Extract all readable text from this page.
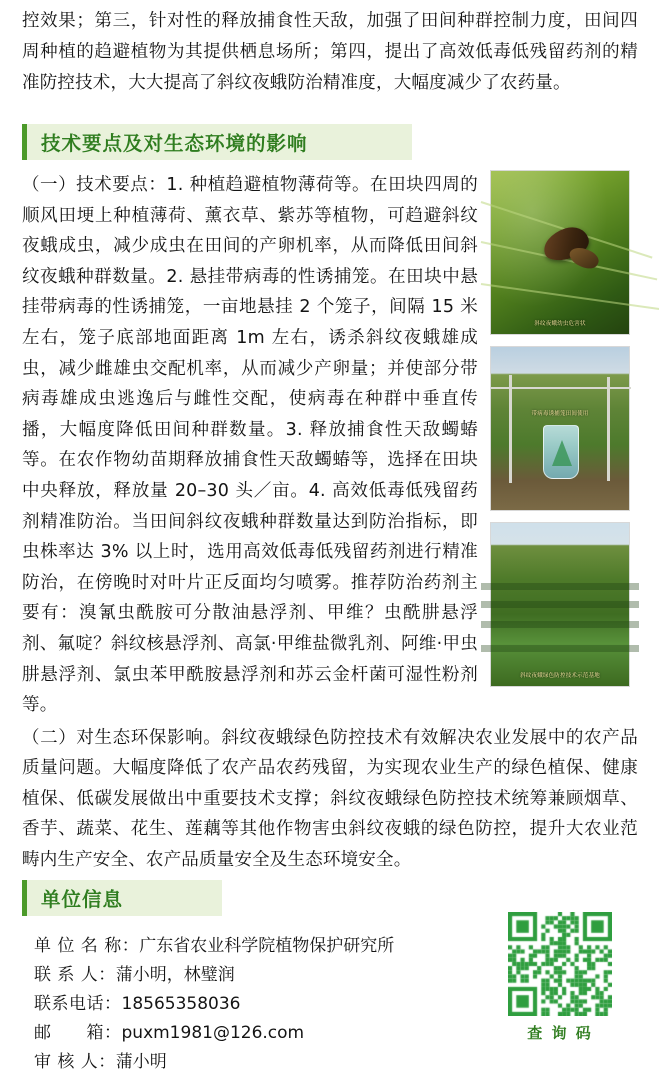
控效果；第三，针对性的释放捕食性天敌，加强了田间种群控制力度，田间四周种植的趋避植物为其提供栖息场所；第四，提出了高效低毒低残留药剂的精准防控技术，大大提高了斜纹夜蛾防治精准度，大幅度减少了农药量。
技术要点及对生态环境的影响
斜纹夜蛾幼虫危害状
带病毒诱捕笼田间使用
斜纹夜蛾绿色防控技术示范基地

（一）技术要点：1. 种植趋避植物薄荷等。在田块四周的顺风田埂上种植薄荷、薰衣草、紫苏等植物，可趋避斜纹夜蛾成虫，减少成虫在田间的产卵机率，从而降低田间斜纹夜蛾种群数量。2. 悬挂带病毒的性诱捕笼。在田块中悬挂带病毒的性诱捕笼，一亩地悬挂 2 个笼子，间隔 15 米左右，笼子底部地面距离 1m 左右，诱杀斜纹夜蛾雄成虫，减少雌雄虫交配机率，从而减少产卵量；并使部分带病毒雄成虫逃逸后与雌性交配，使病毒在种群中垂直传播，大幅度降低田间种群数量。3. 释放捕食性天敌蠋蝽等。在农作物幼苗期释放捕食性天敌蠋蝽等，选择在田块中央释放，释放量 20–30 头／亩。4. 高效低毒低残留药剂精准防治。当田间斜纹夜蛾种群数量达到防治指标，即虫株率达 3% 以上时，选用高效低毒低残留药剂进行精准防治，在傍晚时对叶片正反面均匀喷雾。推荐防治药剂主要有：溴氰虫酰胺可分散油悬浮剂、甲维？虫酰肼悬浮剂、氟啶？斜纹核悬浮剂、高氯·甲维盐微乳剂、阿维·甲虫肼悬浮剂、氯虫苯甲酰胺悬浮剂和苏云金杆菌可湿性粉剂等。

（二）对生态环保影响。斜纹夜蛾绿色防控技术有效解决农业发展中的农产品质量问题。大幅度降低了农产品农药残留，为实现农业生产的绿色植保、健康植保、低碳发展做出中重要技术支撑；斜纹夜蛾绿色防控技术统筹兼顾烟草、香芋、蔬菜、花生、莲藕等其他作物害虫斜纹夜蛾的绿色防控，提升大农业范畴内生产安全、农产品质量安全及生态环境安全。

单位信息
单 位 名 称：广东省农业科学院植物保护研究所
联 系 人：蒲小明，林璧润
联系电话：18565358036
邮　　箱：puxm1981@126.com
审 核 人：蒲小明
查 询 码
